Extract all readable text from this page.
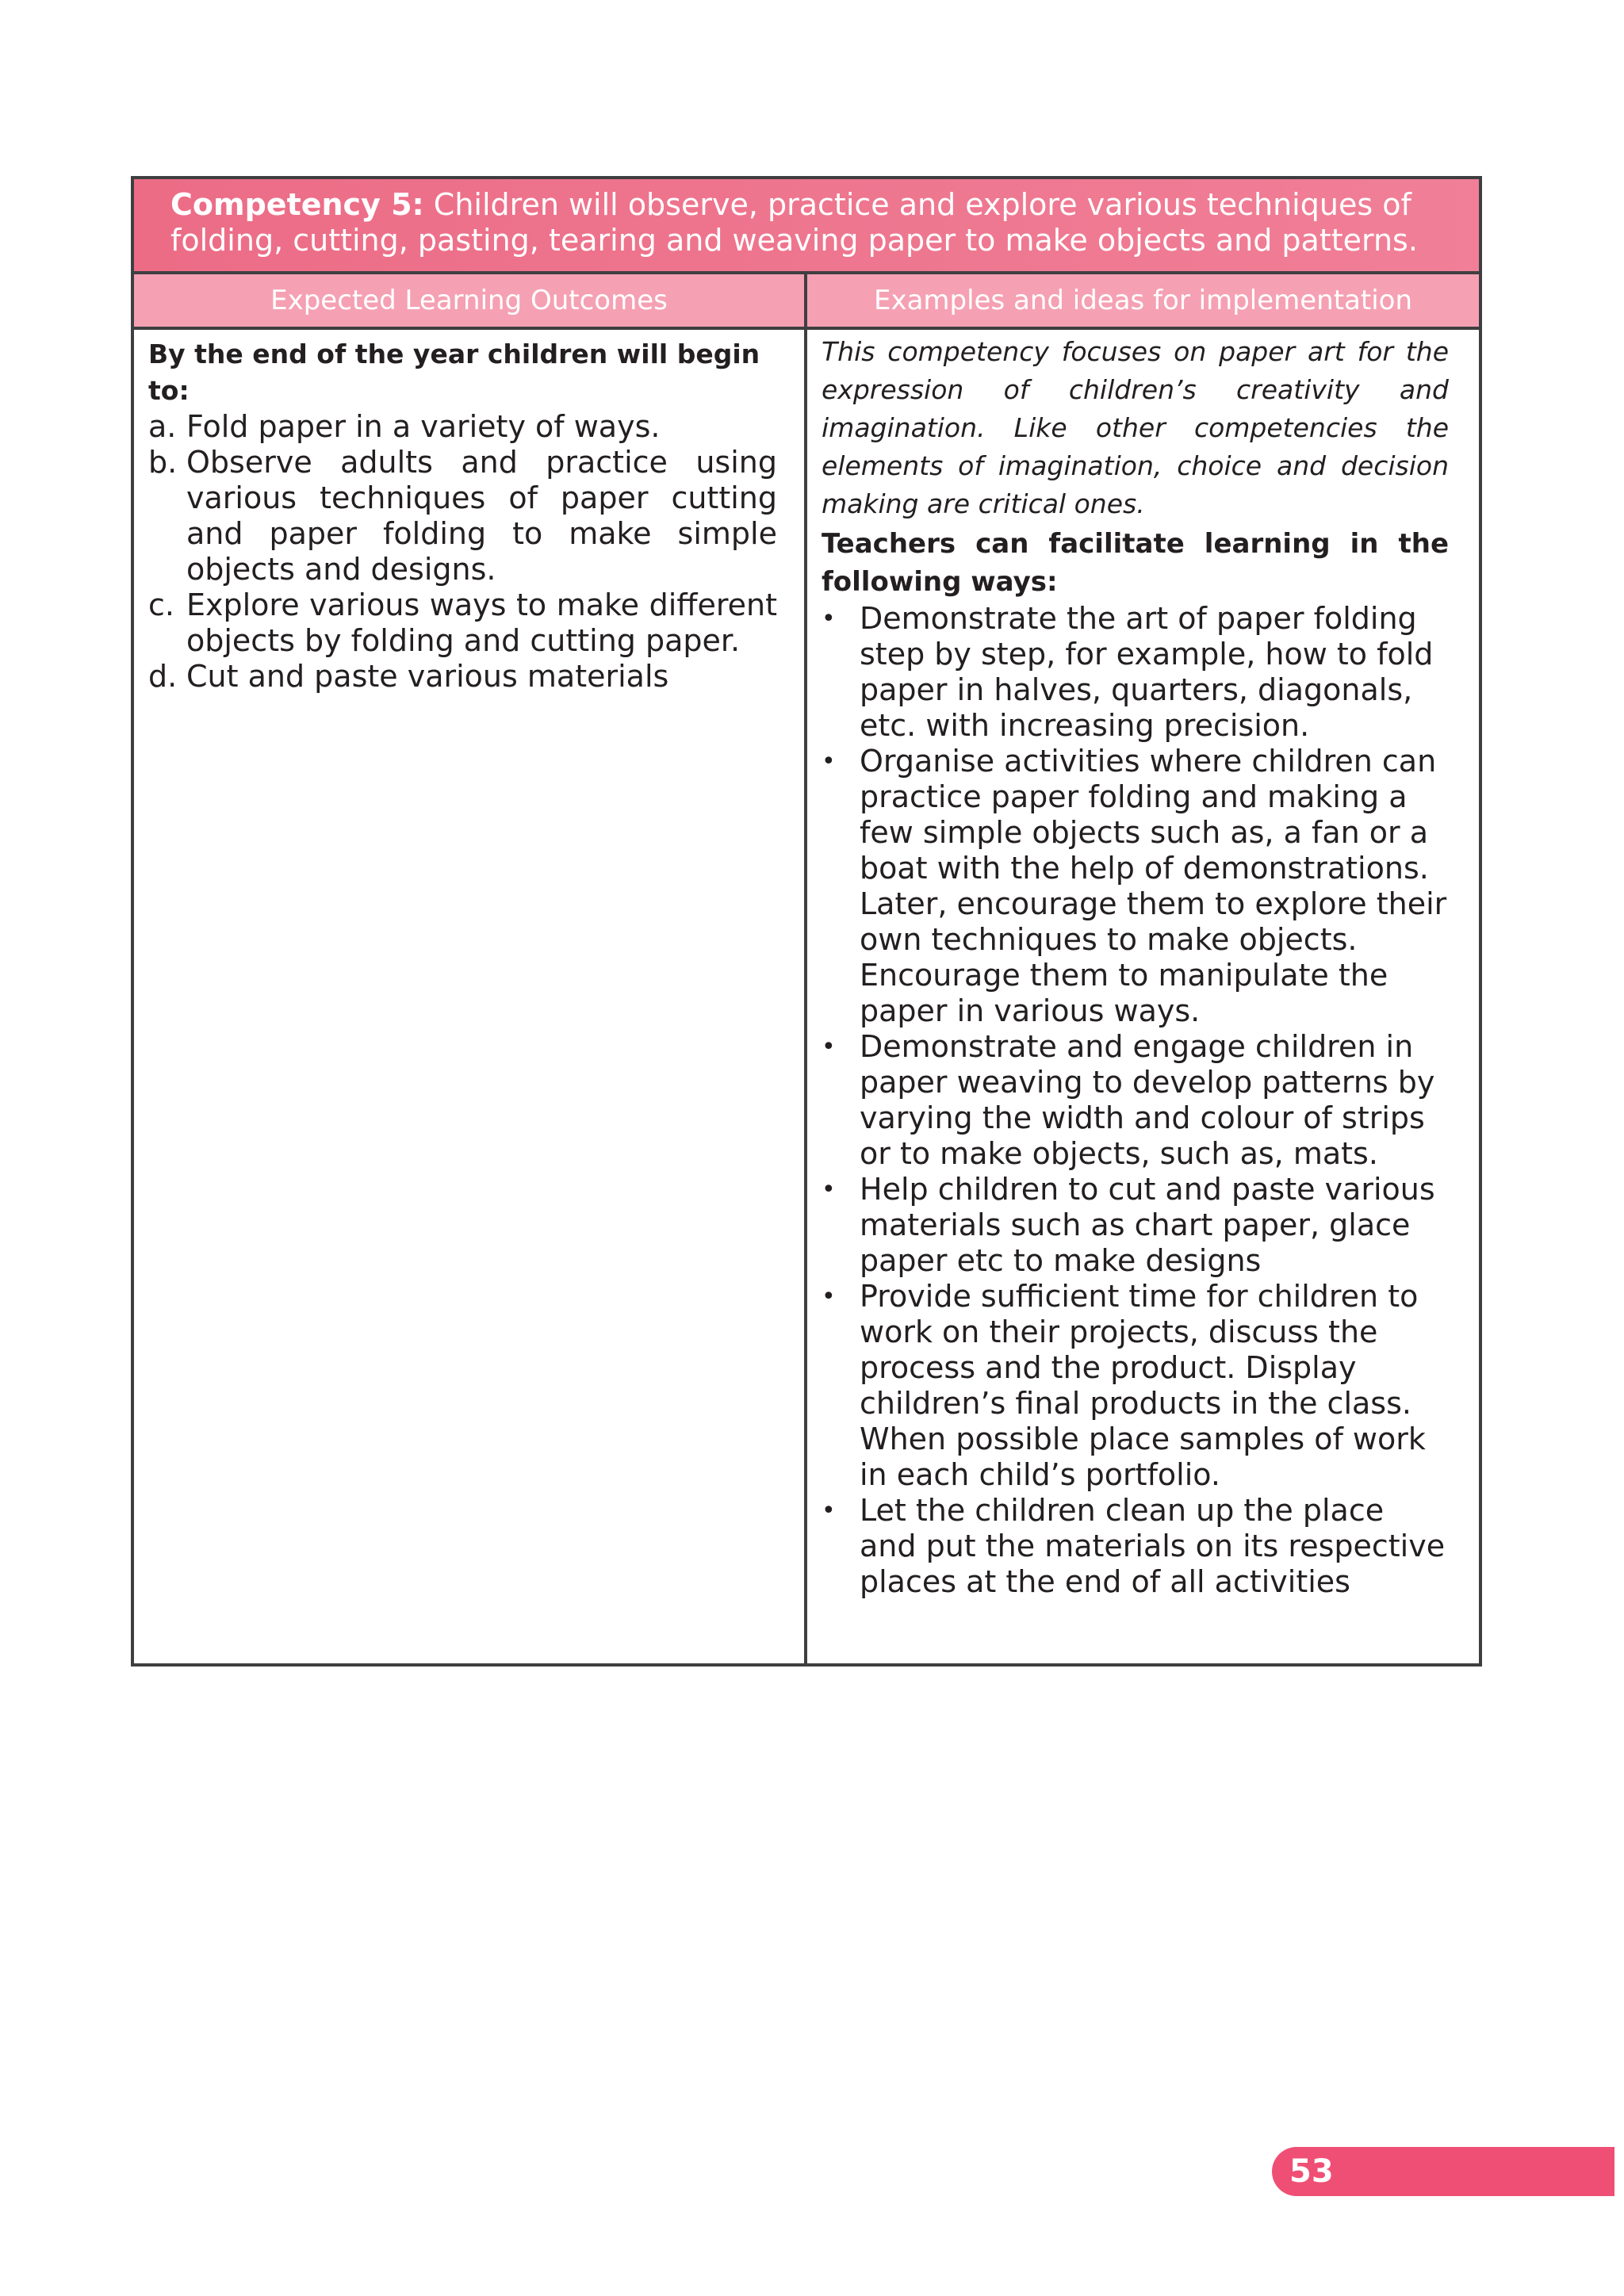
Competency 5: Children will observe, practice and explore various techniques of folding, cutting, pasting, tearing and weaving paper to make objects and patterns.
Expected Learning Outcomes	Examples and ideas for implementation

By the end of the year children will begin to:

a. Fold paper in a variety of ways.
b. Observe adults and practice using various techniques of paper cutting and paper folding to make simple objects and designs.
c. Explore various ways to make different objects by folding and cutting paper.
d. Cut and paste various materials

This competency focuses on paper art for the expression of children’s creativity and imagination. Like other competencies the elements of imagination, choice and decision making are critical ones.

Teachers can facilitate learning in the following ways:

• Demonstrate the art of paper folding step by step, for example, how to fold paper in halves, quarters, diagonals, etc. with increasing precision.
• Organise activities where children can practice paper folding and making a few simple objects such as, a fan or a boat with the help of demonstrations. Later, encourage them to explore their own techniques to make objects. Encourage them to manipulate the paper in various ways.
• Demonstrate and engage children in paper weaving to develop patterns by varying the width and colour of strips or to make objects, such as, mats.
• Help children to cut and paste various materials such as chart paper, glace paper etc to make designs
• Provide sufficient time for children to work on their projects, discuss the process and the product. Display children’s final products in the class. When possible place samples of work in each child’s portfolio.
• Let the children clean up the place and put the materials on its respective places at the end of all activities
53
